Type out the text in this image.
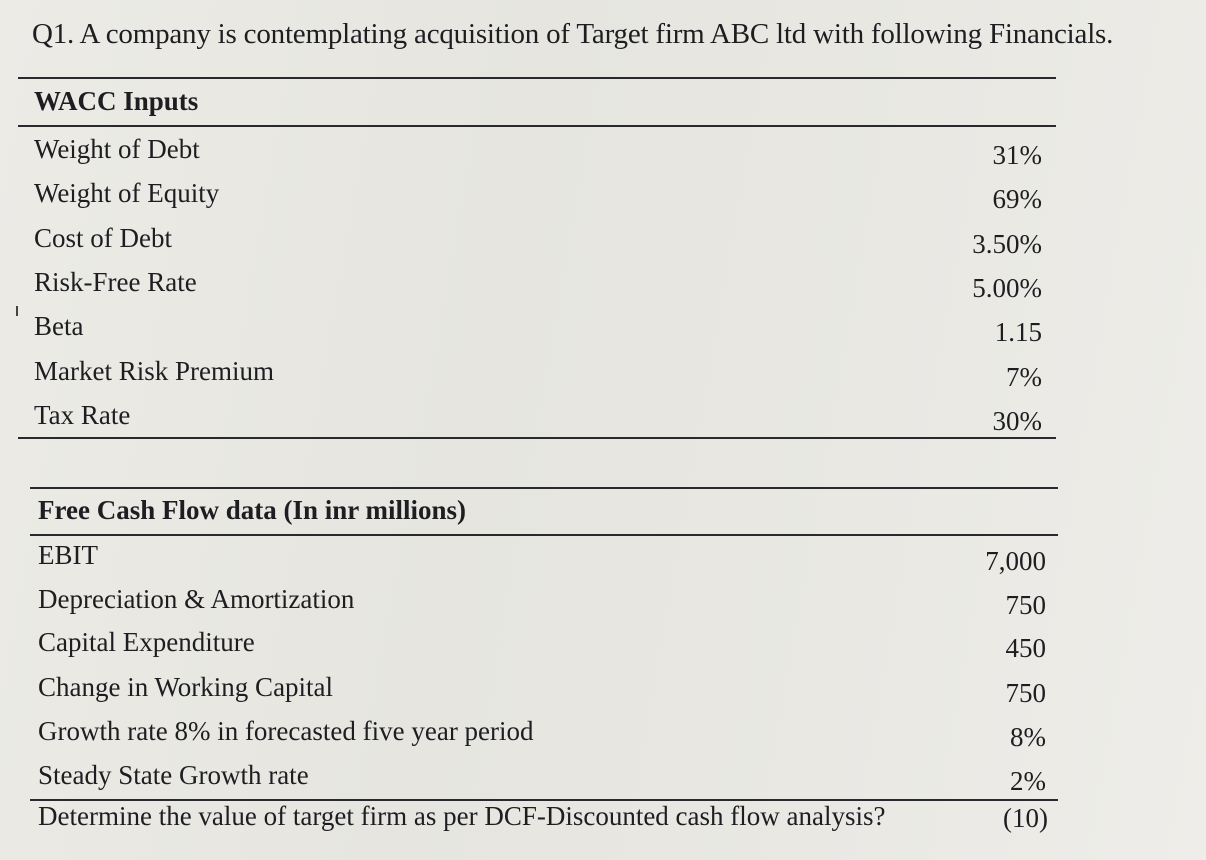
Q1. A company is contemplating acquisition of Target firm ABC ltd with following Financials.
WACC Inputs
Weight of Debt	31%
Weight of Equity	69%
Cost of Debt	3.50%
Risk-Free Rate	5.00%
Beta	1.15
Market Risk Premium	7%
Tax Rate	30%
Free Cash Flow data (In inr millions)
EBIT	7,000
Depreciation & Amortization	750
Capital Expenditure	450
Change in Working Capital	750
Growth rate 8% in forecasted five year period	8%
Steady State Growth rate	2%
Determine the value of target firm as per DCF-Discounted cash flow analysis?	(10)
